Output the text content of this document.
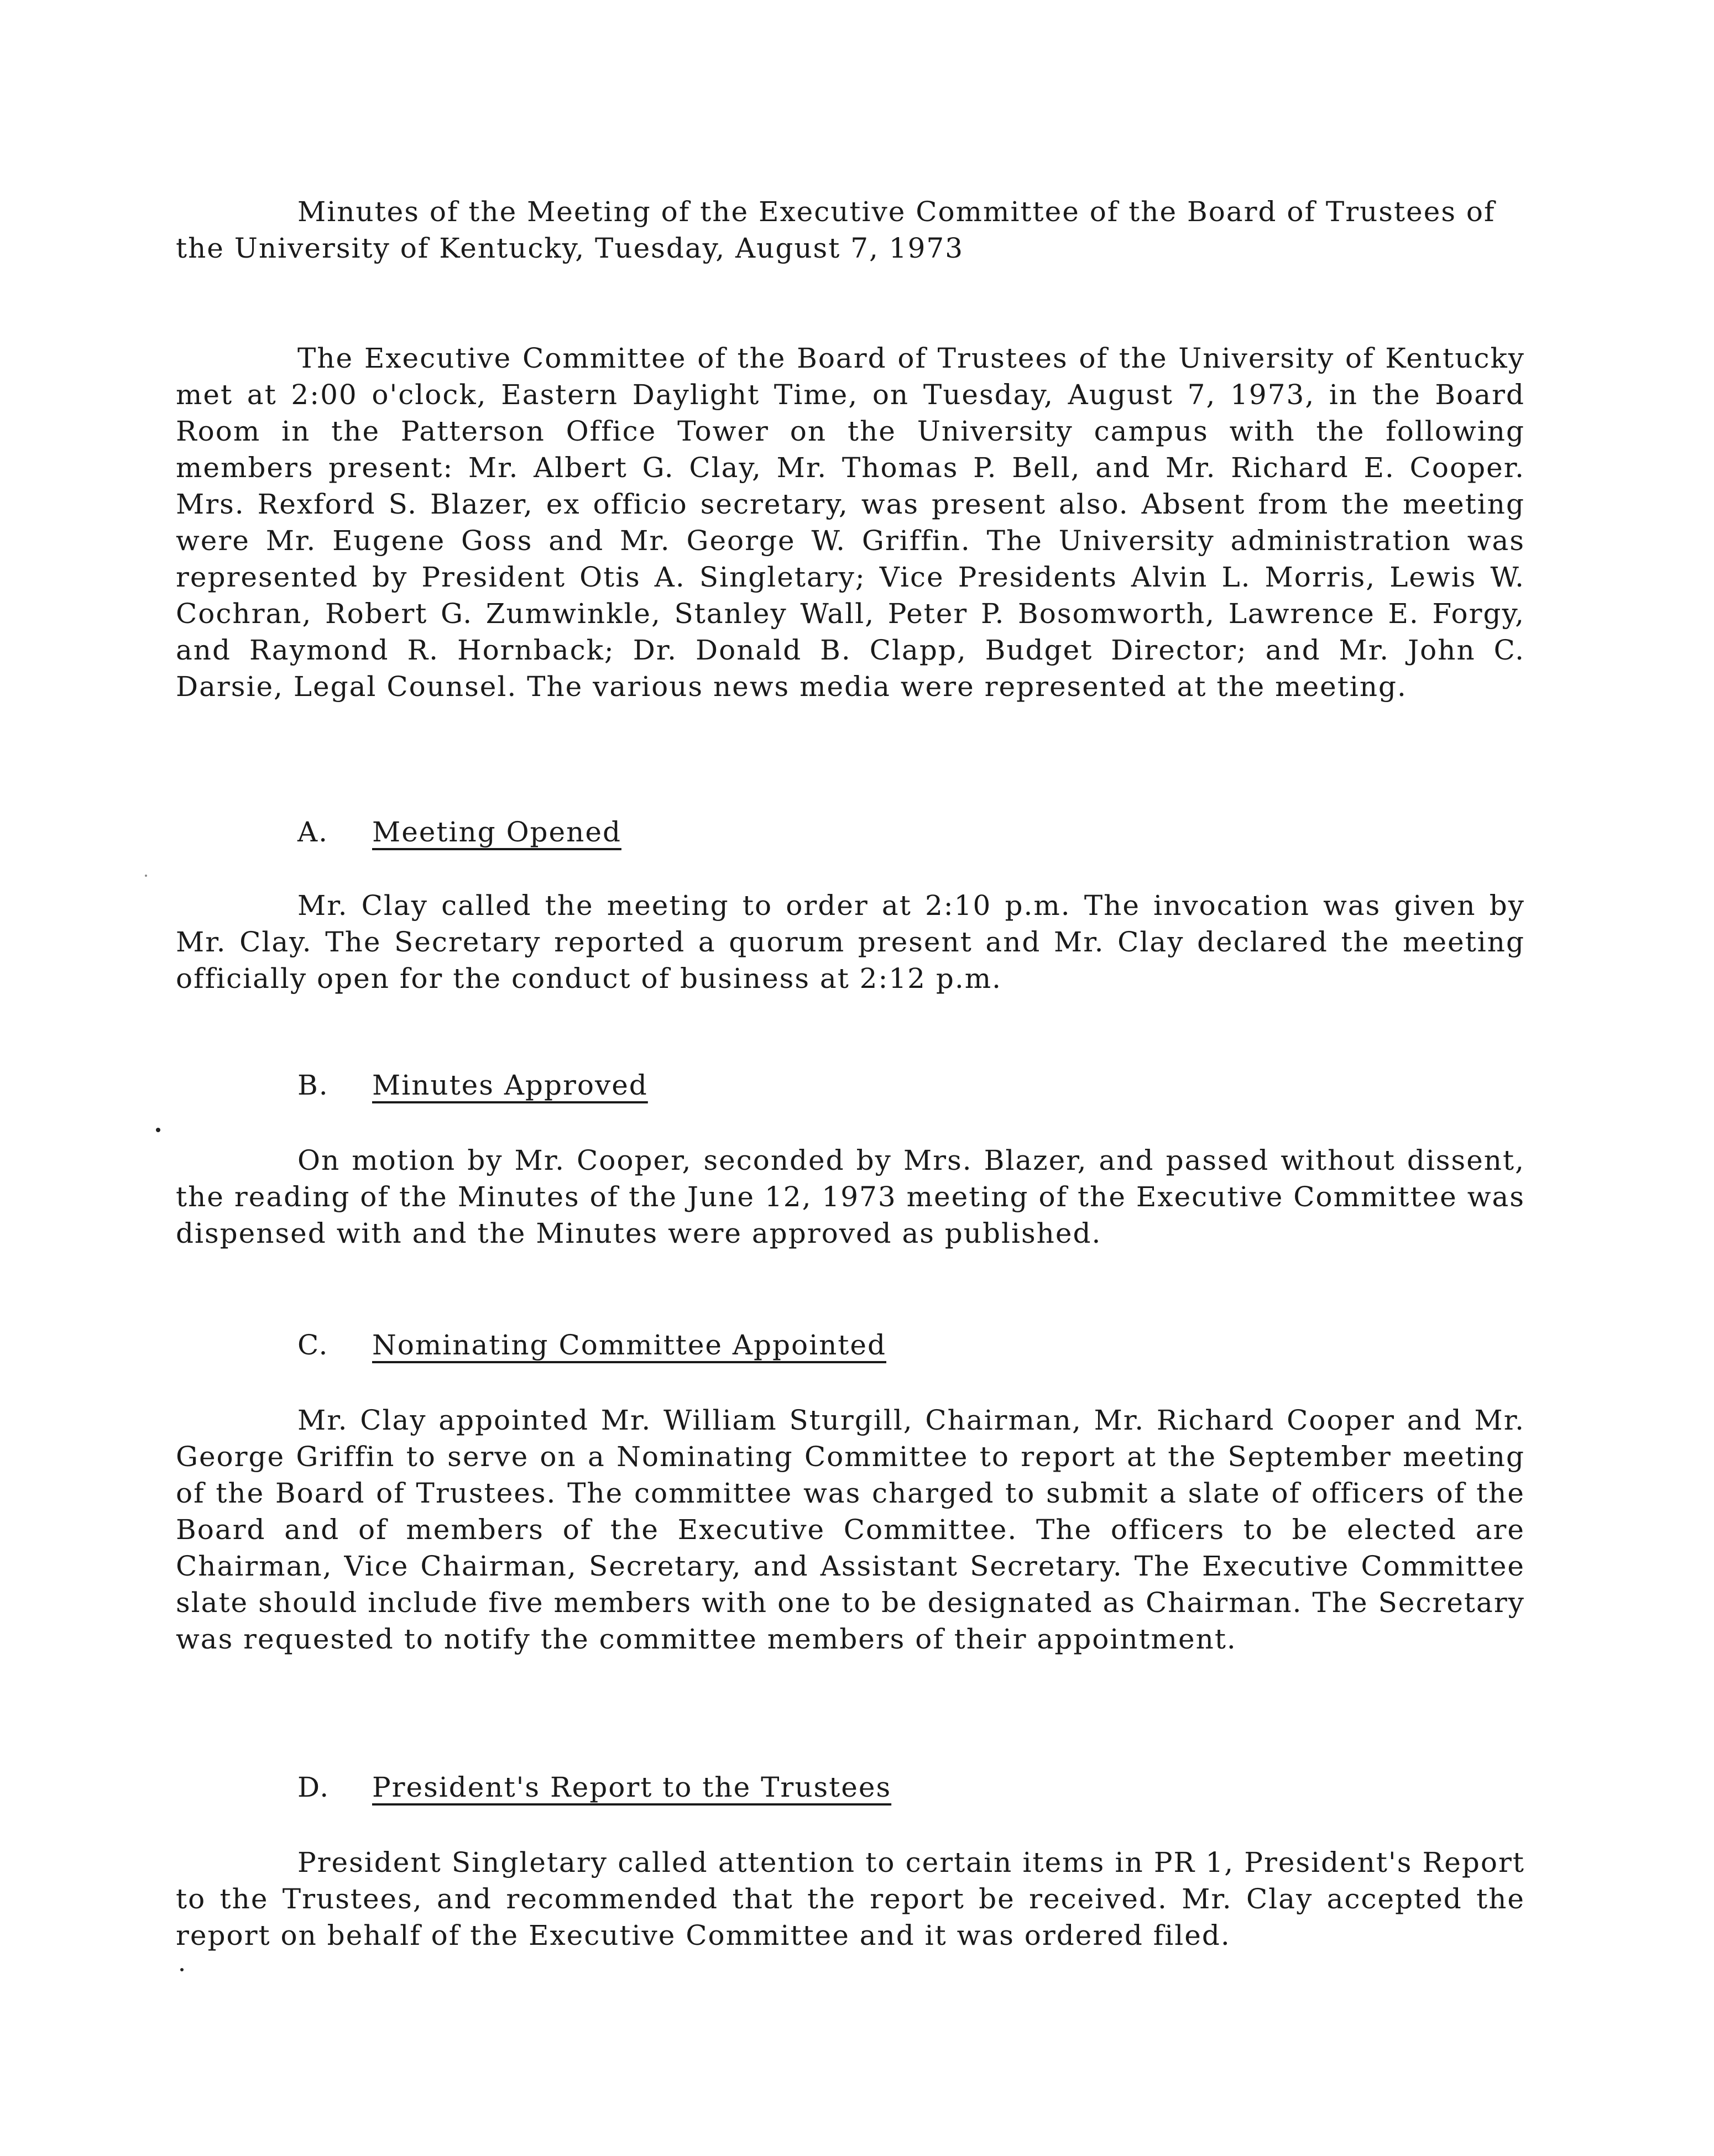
Minutes of the Meeting of the Executive Committee of the Board of Trustees of the University of Kentucky, Tuesday, August 7, 1973

The Executive Committee of the Board of Trustees of the University of Kentucky met at 2:00 o'clock, Eastern Daylight Time, on Tuesday, August 7, 1973, in the Board Room in the Patterson Office Tower on the University campus with the following members present: Mr. Albert G. Clay, Mr. Thomas P. Bell, and Mr. Richard E. Cooper. Mrs. Rexford S. Blazer, ex officio secretary, was present also. Absent from the meeting were Mr. Eugene Goss and Mr. George W. Griffin. The University administration was represented by President Otis A. Singletary; Vice Presidents Alvin L. Morris, Lewis W. Cochran, Robert G. Zumwinkle, Stanley Wall, Peter P. Bosomworth, Lawrence E. Forgy, and Raymond R. Hornback; Dr. Donald B. Clapp, Budget Director; and Mr. John C. Darsie, Legal Counsel. The various news media were represented at the meeting.

A. Meeting Opened

Mr. Clay called the meeting to order at 2:10 p.m. The invocation was given by Mr. Clay. The Secretary reported a quorum present and Mr. Clay declared the meeting officially open for the conduct of business at 2:12 p.m.

B. Minutes Approved

On motion by Mr. Cooper, seconded by Mrs. Blazer, and passed without dissent, the reading of the Minutes of the June 12, 1973 meeting of the Executive Committee was dispensed with and the Minutes were approved as published.

C. Nominating Committee Appointed

Mr. Clay appointed Mr. William Sturgill, Chairman, Mr. Richard Cooper and Mr. George Griffin to serve on a Nominating Committee to report at the September meeting of the Board of Trustees. The committee was charged to submit a slate of officers of the Board and of members of the Executive Committee. The officers to be elected are Chairman, Vice Chairman, Secretary, and Assistant Secretary. The Executive Committee slate should include five members with one to be designated as Chairman. The Secretary was requested to notify the committee members of their appointment.

D. President's Report to the Trustees

President Singletary called attention to certain items in PR 1, President's Report to the Trustees, and recommended that the report be received. Mr. Clay accepted the report on behalf of the Executive Committee and it was ordered filed.
